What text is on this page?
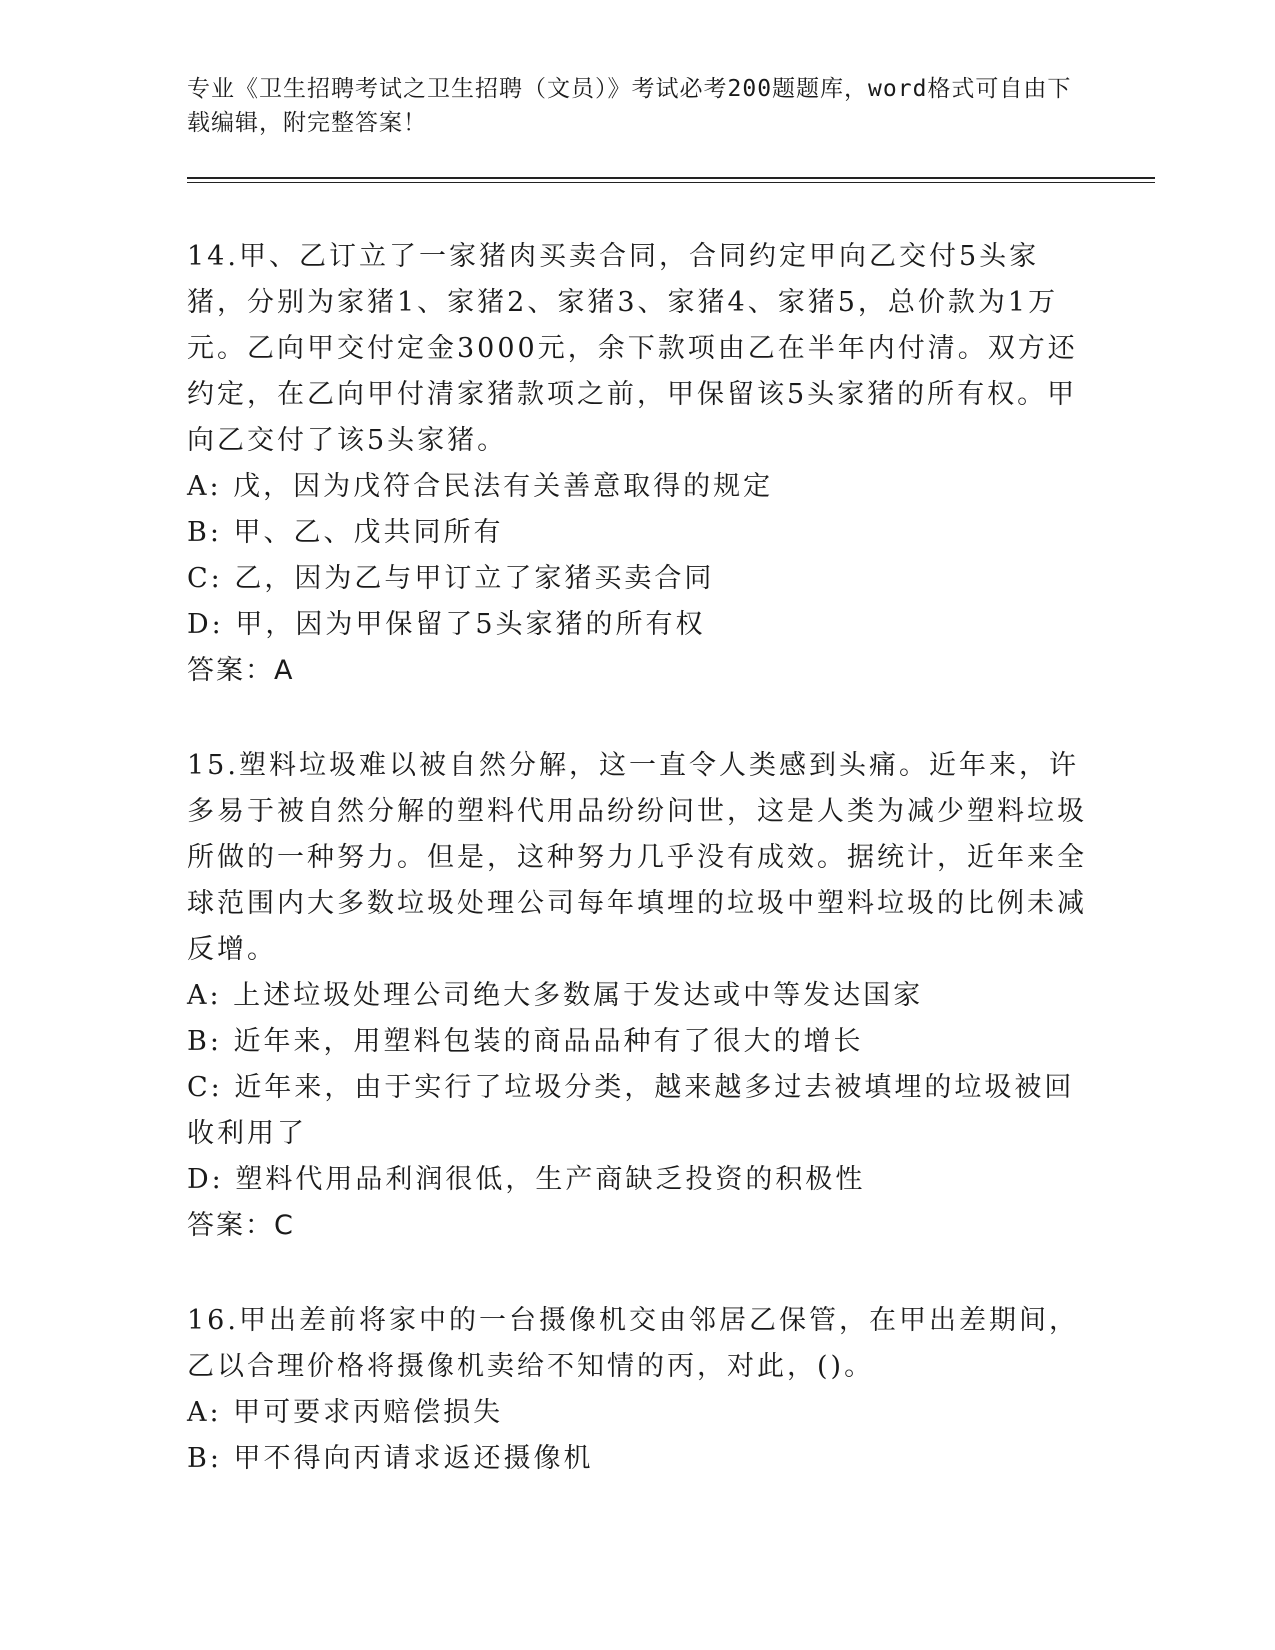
专业《卫生招聘考试之卫生招聘（文员）》考试必考200题题库，word格式可自由下载编辑，附完整答案！

14.甲、乙订立了一家猪肉买卖合同，合同约定甲向乙交付5头家猪，分别为家猪1、家猪2、家猪3、家猪4、家猪5，总价款为1万元。乙向甲交付定金3000元，余下款项由乙在半年内付清。双方还约定，在乙向甲付清家猪款项之前，甲保留该5头家猪的所有权。甲向乙交付了该5头家猪。

A: 戊，因为戊符合民法有关善意取得的规定

B: 甲、乙、戊共同所有

C: 乙，因为乙与甲订立了家猪买卖合同

D: 甲，因为甲保留了5头家猪的所有权

答案：A

15.塑料垃圾难以被自然分解，这一直令人类感到头痛。近年来，许多易于被自然分解的塑料代用品纷纷问世，这是人类为减少塑料垃圾所做的一种努力。但是，这种努力几乎没有成效。据统计，近年来全球范围内大多数垃圾处理公司每年填埋的垃圾中塑料垃圾的比例未减反增。

A: 上述垃圾处理公司绝大多数属于发达或中等发达国家

B: 近年来，用塑料包装的商品品种有了很大的增长

C: 近年来，由于实行了垃圾分类，越来越多过去被填埋的垃圾被回收利用了

D: 塑料代用品利润很低，生产商缺乏投资的积极性

答案：C

16.甲出差前将家中的一台摄像机交由邻居乙保管，在甲出差期间，乙以合理价格将摄像机卖给不知情的丙，对此，()。

A: 甲可要求丙赔偿损失

B: 甲不得向丙请求返还摄像机
